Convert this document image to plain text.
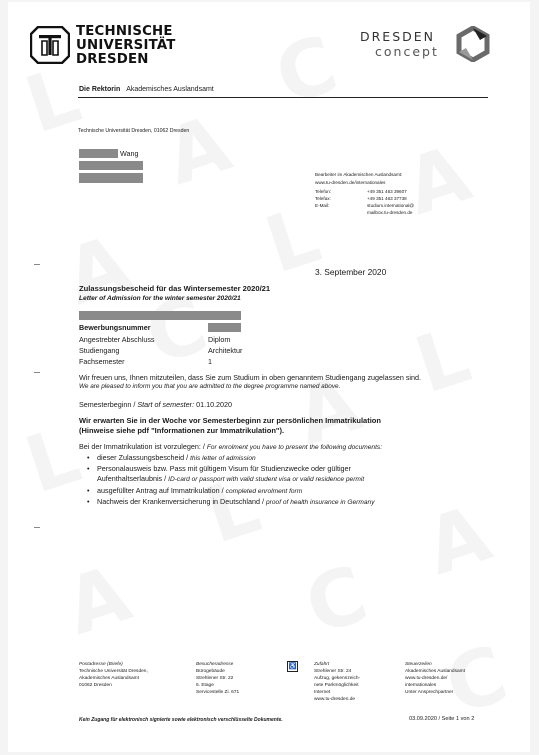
TECHNISCHE
UNIVERSITÄT
DRESDEN
DRESDEN
concept
Die Rektorin Akademisches Auslandsamt
Technische Universität Dresden, 01062 Dresden
Wang
Bearbeiter im Akademischen Auslandsamt:
www.tu-dresden.de/internationales
Telefon:	+49 351 463 39607
Telefax:	+49 351 463 37738
E-Mail:	studium.international@
mailbox.tu-dresden.de
3. September 2020
Zulassungsbescheid für das Wintersemester 2020/21
Letter of Admission for the winter semester 2020/21
Bewerbungsnummer
Angestrebter Abschluss	Diplom
Studiengang	Architektur
Fachsemester	1
Wir freuen uns, Ihnen mitzuteilen, dass Sie zum Studium in oben genanntem Studiengang zugelassen sind.
We are pleased to inform you that you are admitted to the degree programme named above.
Semesterbeginn / Start of semester: 01.10.2020
Wir erwarten Sie in der Woche vor Semesterbeginn zur persönlichen Immatrikulation
(Hinweise siehe pdf "Informationen zur Immatrikulation").
Bei der Immatrikulation ist vorzulegen: / For enrolment you have to present the following documents:
• dieser Zulassungsbescheid / this letter of admission
• Personalausweis bzw. Pass mit gültigem Visum für Studienzwecke oder gültiger
Aufenthaltserlaubnis / ID-card or passport with valid student visa or valid residence permit
• ausgefüllter Antrag auf Immatrikulation / completed enrolment form
• Nachweis der Krankenversicherung in Deutschland / proof of health insurance in Germany
Postadresse (Briefe)
Technische Universität Dresden,
Akademisches Auslandsamt
01062 Dresden
Besucheradresse
Bürogebäude
Strehlener Str. 22
6. Etage
Servicestelle Zi. 671
♿	Zufahrt
Strehlener Str. 24
Aufzug, gekennzeich-
nete Parkmöglichkeit
Internet
www.tu-dresden.de
Steuerzeilen
Akademisches Auslandsamt
www.tu-dresden.de/
internationales
Unter Ansprechpartner
Kein Zugang für elektronisch signierte sowie elektronisch verschlüsselte Dokumente.	03.09.2020 / Seite 1 von 2
